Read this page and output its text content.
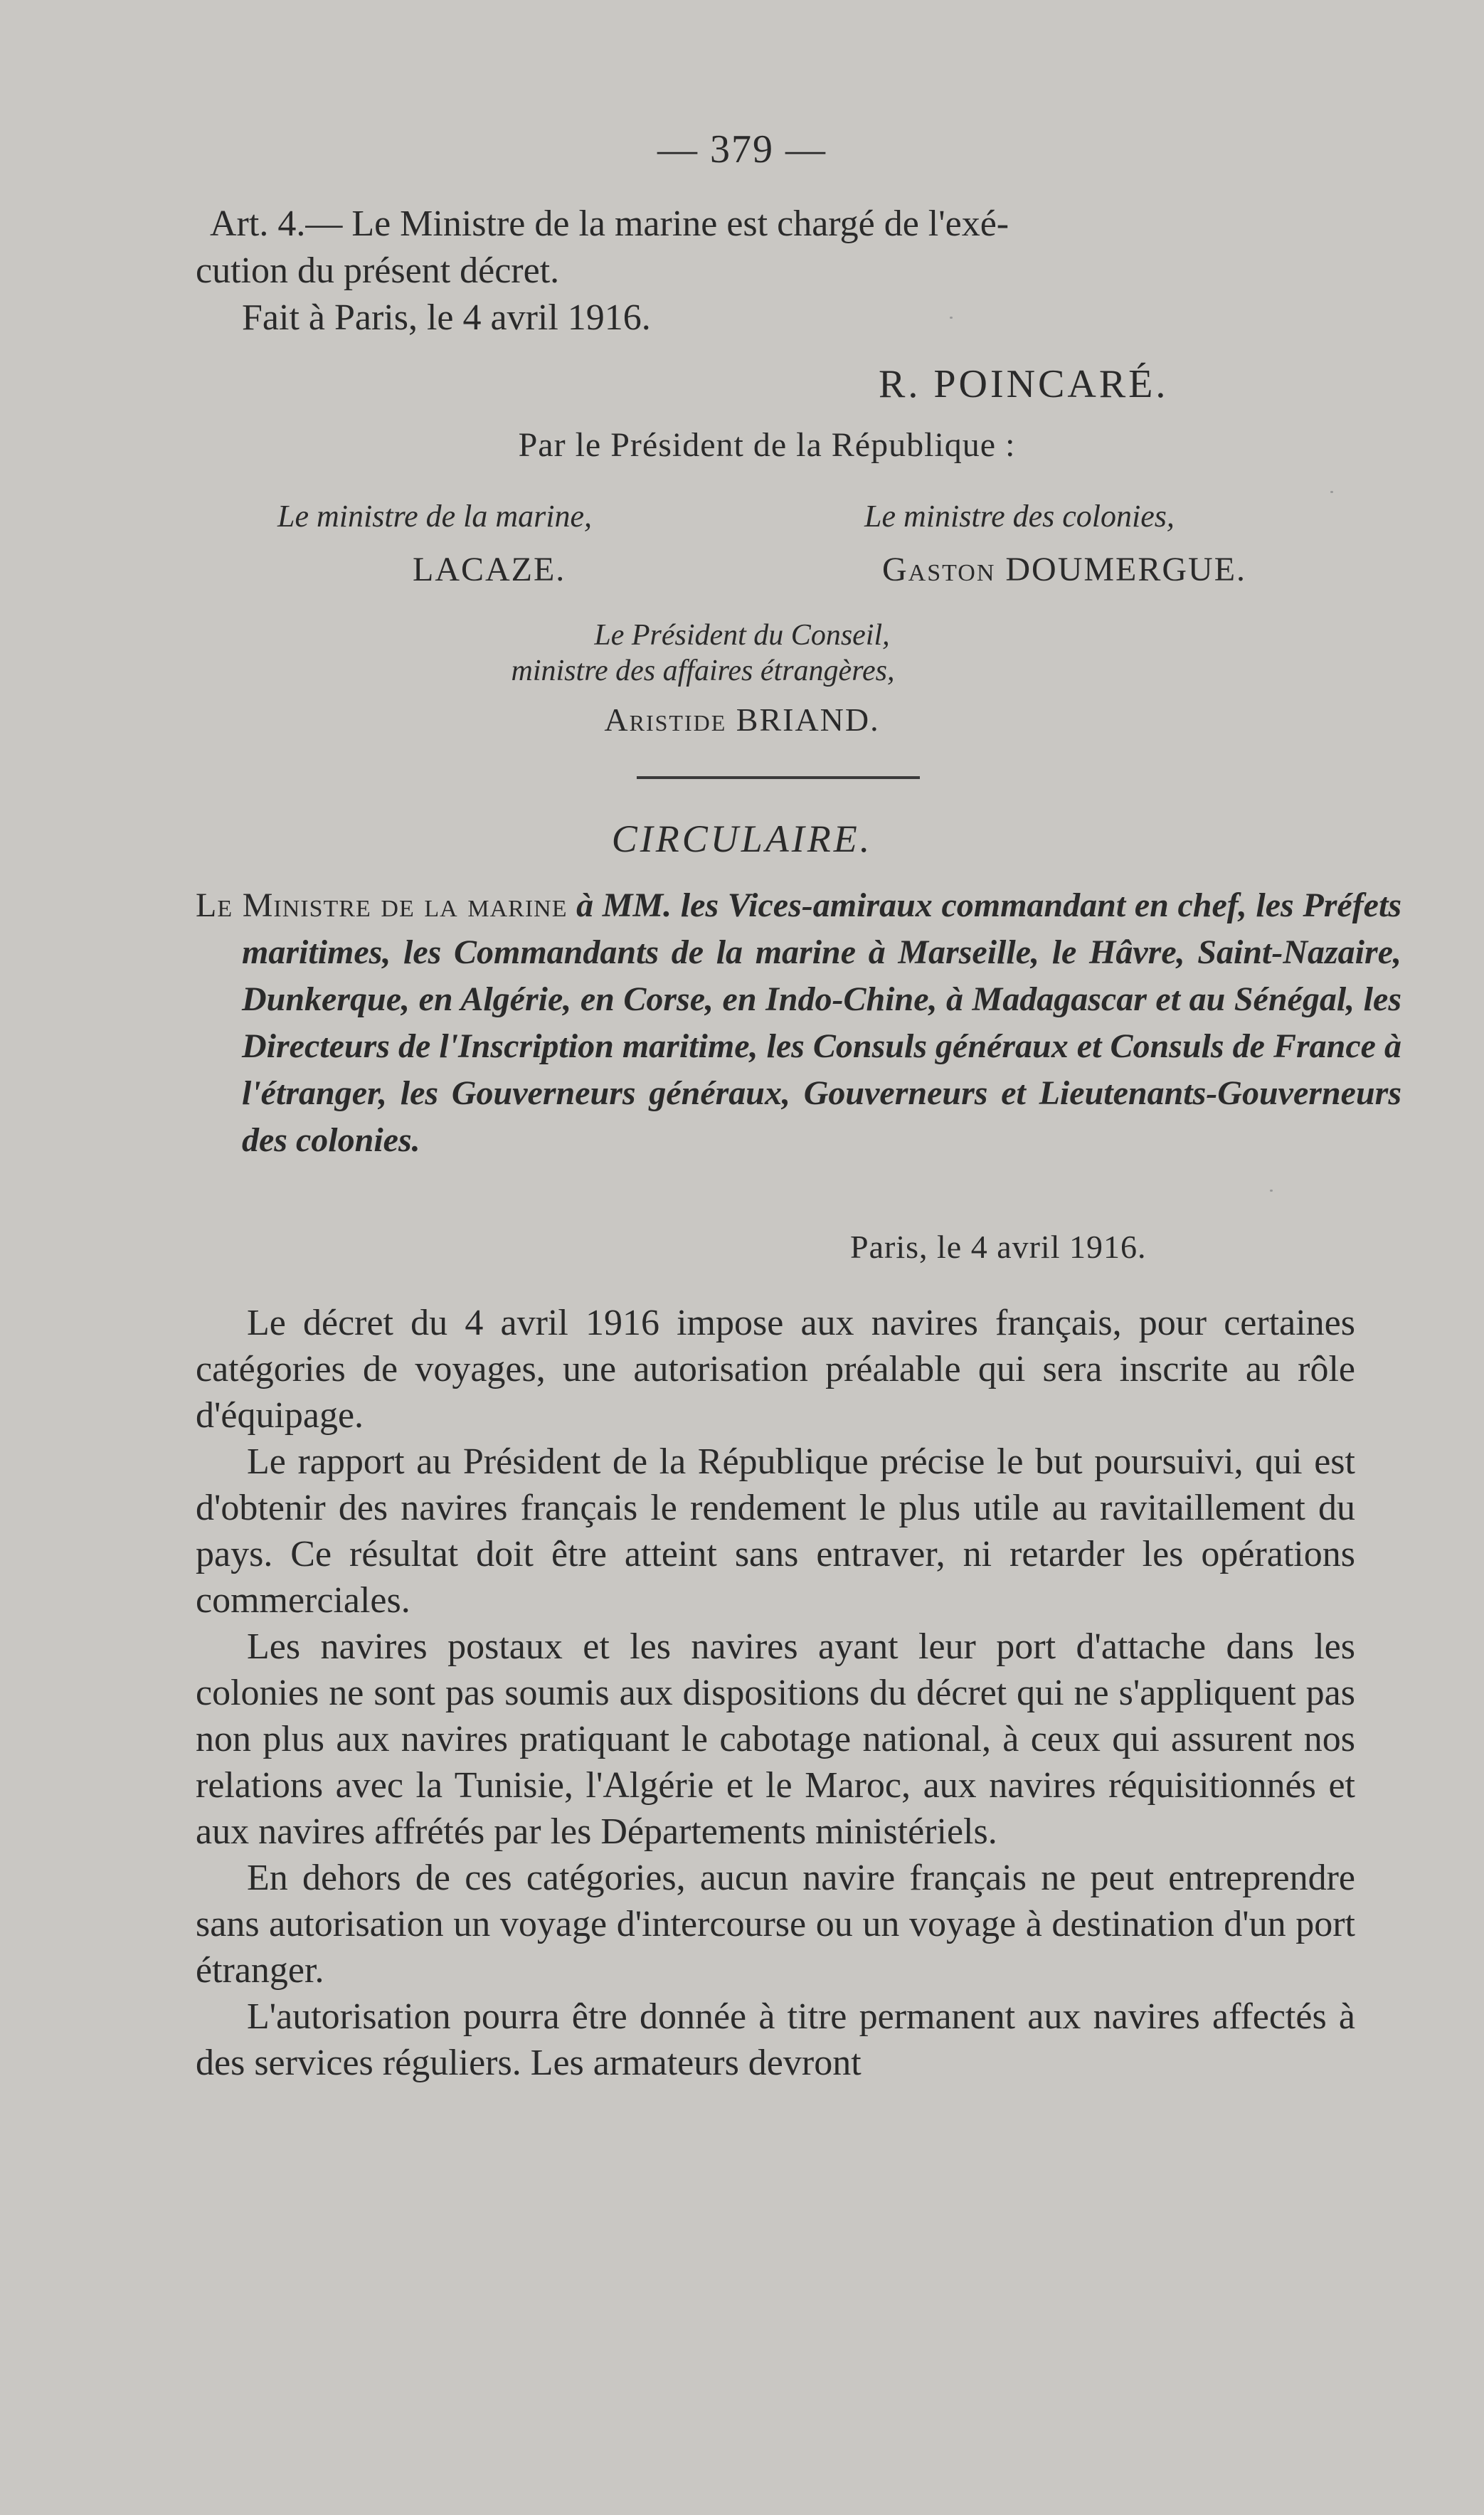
— 379 —
Art. 4.— Le Ministre de la marine est chargé de l'exé-
cution du présent décret.
Fait à Paris, le 4 avril 1916.
R. POINCARÉ.
Par le Président de la République :
Le ministre de la marine,	Le ministre des colonies,
LACAZE.	Gaston DOUMERGUE.
Le Président du Conseil,
ministre des affaires étrangères,
Aristide BRIAND.
CIRCULAIRE.
Le Ministre de la marine à MM. les Vices-amiraux commandant en chef, les Préfets maritimes, les Commandants de la marine à Marseille, le Hâvre, Saint-Nazaire, Dunkerque, en Algérie, en Corse, en Indo-Chine, à Madagascar et au Sénégal, les Directeurs de l'Inscription maritime, les Consuls généraux et Consuls de France à l'étranger, les Gouverneurs généraux, Gouverneurs et Lieutenants-Gouverneurs des colonies.
Paris, le 4 avril 1916.

Le décret du 4 avril 1916 impose aux navires français, pour certaines catégories de voyages, une autorisation préalable qui sera inscrite au rôle d'équipage.

Le rapport au Président de la République précise le but poursuivi, qui est d'obtenir des navires français le rendement le plus utile au ravitaillement du pays. Ce résultat doit être atteint sans entraver, ni retarder les opérations commerciales.

Les navires postaux et les navires ayant leur port d'attache dans les colonies ne sont pas soumis aux dispositions du décret qui ne s'appliquent pas non plus aux navires pratiquant le cabotage national, à ceux qui assurent nos relations avec la Tunisie, l'Algérie et le Maroc, aux navires réquisitionnés et aux navires affrétés par les Départements ministériels.

En dehors de ces catégories, aucun navire français ne peut entreprendre sans autorisation un voyage d'intercourse ou un voyage à destination d'un port étranger.

L'autorisation pourra être donnée à titre permanent aux navires affectés à des services réguliers. Les armateurs devront
